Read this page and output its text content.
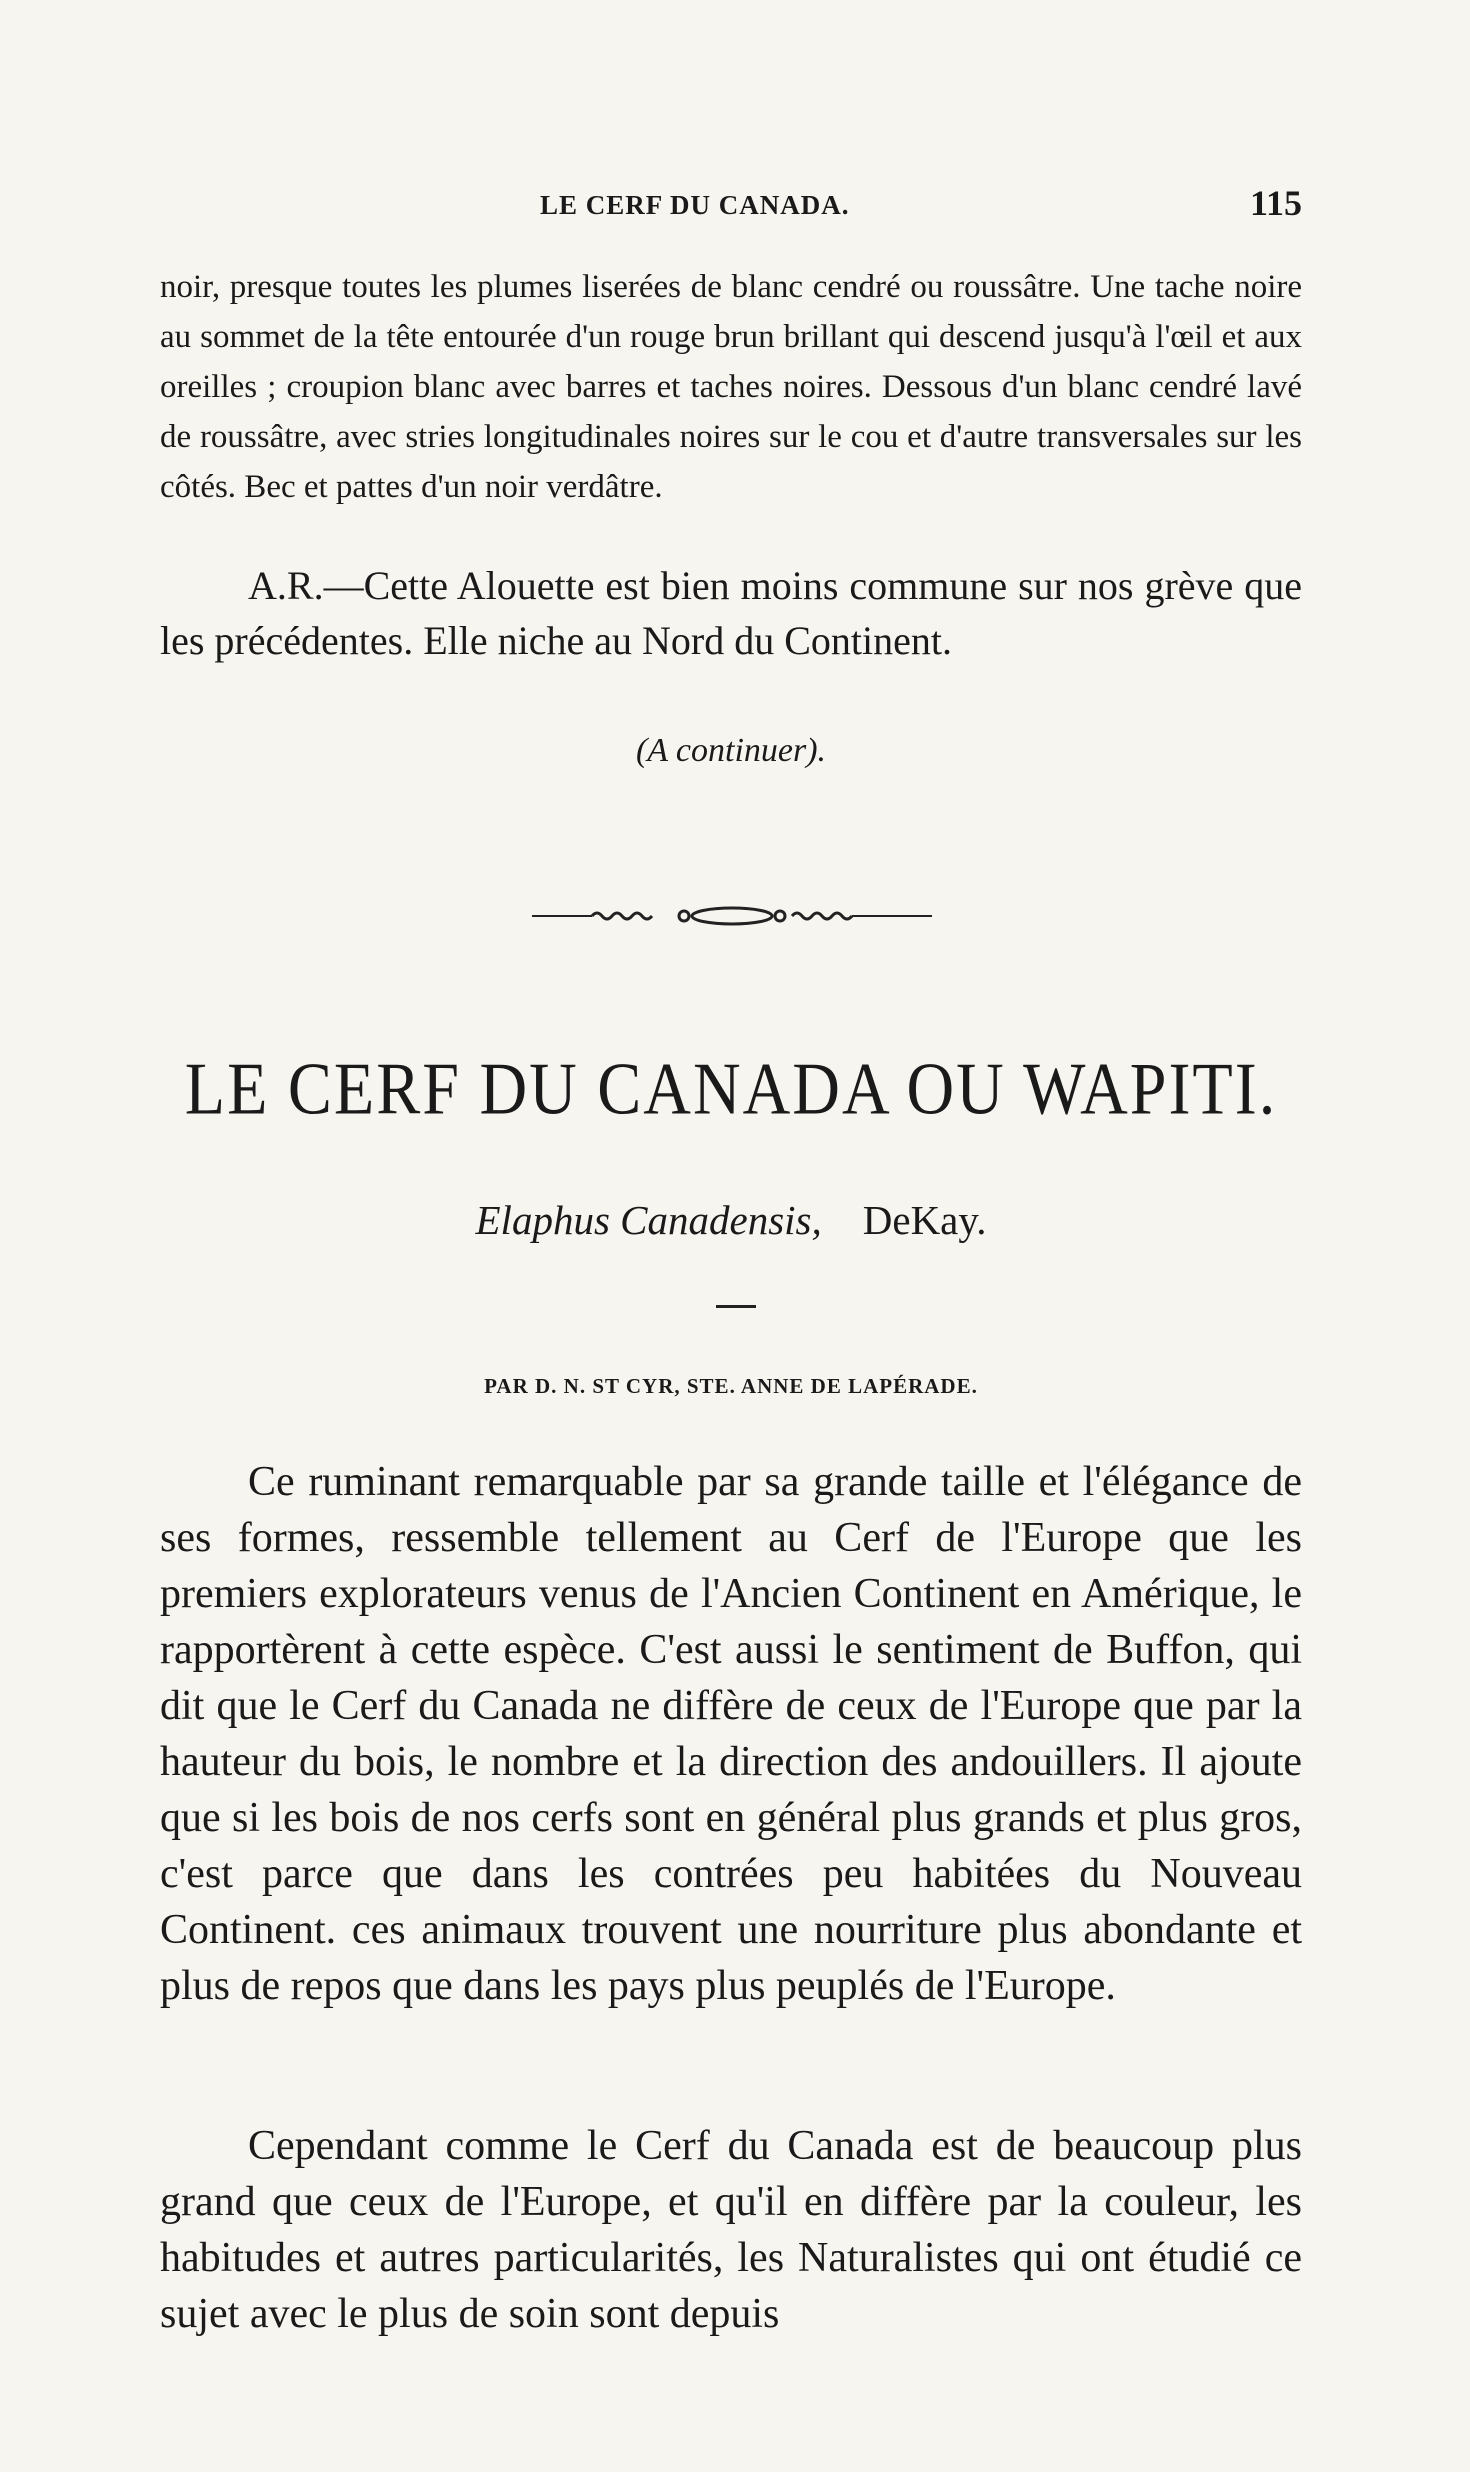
LE CERF DU CANADA.	115

noir, presque toutes les plumes liserées de blanc cendré ou roussâtre. Une tache noire au sommet de la tête entourée d'un rouge brun brillant qui descend jusqu'à l'œil et aux oreilles ; croupion blanc avec barres et taches noires. Dessous d'un blanc cendré lavé de roussâtre, avec stries longitudinales noires sur le cou et d'autre transversales sur les côtés. Bec et pattes d'un noir verdâtre.

A.R.—Cette Alouette est bien moins commune sur nos grève que les précédentes. Elle niche au Nord du Continent.

(A continuer).
LE CERF DU CANADA OU WAPITI.
Elaphus Canadensis, DeKay.
PAR D. N. ST CYR, STE. ANNE DE LAPÉRADE.

Ce ruminant remarquable par sa grande taille et l'élégance de ses formes, ressemble tellement au Cerf de l'Europe que les premiers explorateurs venus de l'Ancien Continent en Amérique, le rapportèrent à cette espèce. C'est aussi le sentiment de Buffon, qui dit que le Cerf du Canada ne diffère de ceux de l'Europe que par la hauteur du bois, le nombre et la direction des andouillers. Il ajoute que si les bois de nos cerfs sont en général plus grands et plus gros, c'est parce que dans les contrées peu habitées du Nouveau Continent. ces animaux trouvent une nourriture plus abondante et plus de repos que dans les pays plus peuplés de l'Europe.

Cependant comme le Cerf du Canada est de beaucoup plus grand que ceux de l'Europe, et qu'il en diffère par la couleur, les habitudes et autres particularités, les Naturalistes qui ont étudié ce sujet avec le plus de soin sont depuis
